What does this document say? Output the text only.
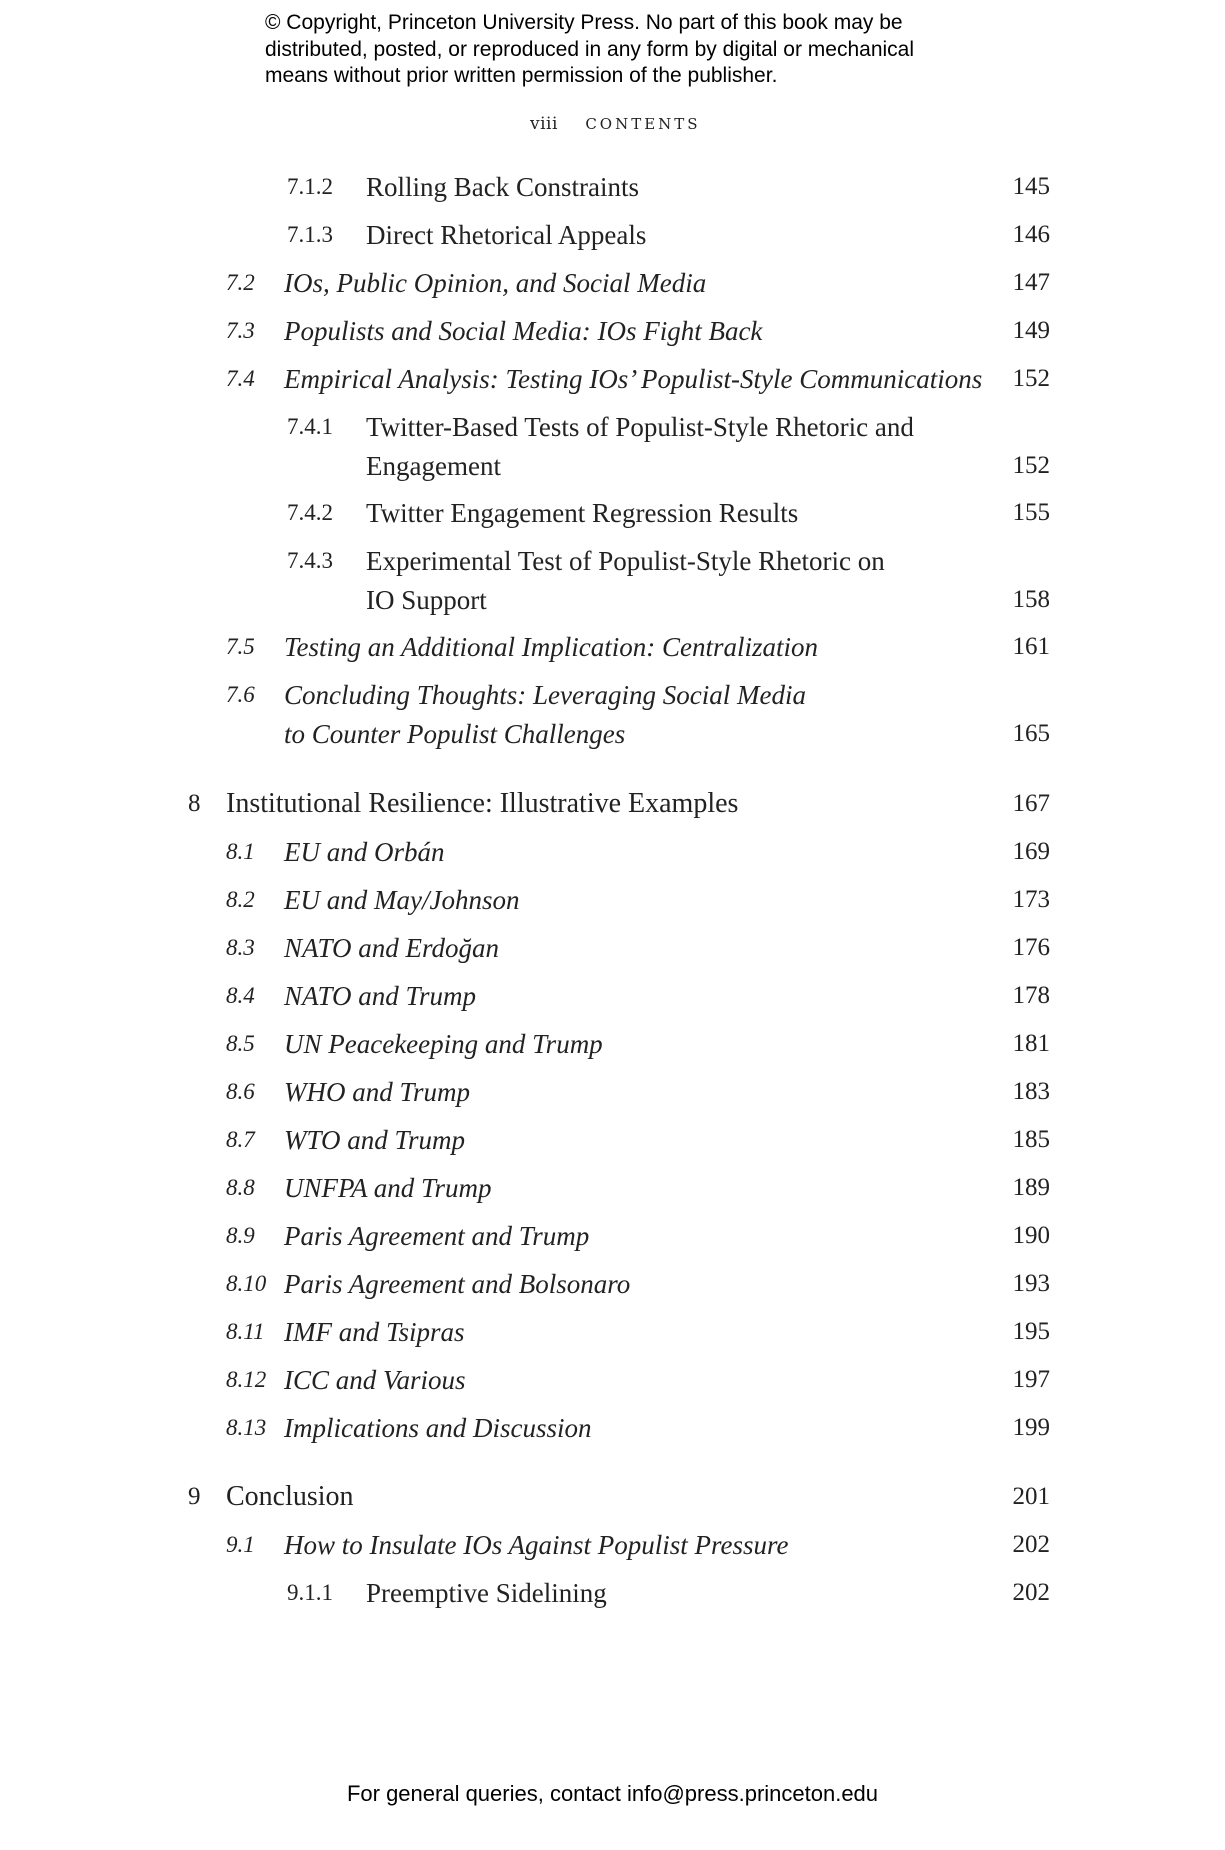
© Copyright, Princeton University Press. No part of this book may be
distributed, posted, or reproduced in any form by digital or mechanical
means without prior written permission of the publisher.
viii CONTENTS
7.1.2 Rolling Back Constraints	145
7.1.3 Direct Rhetorical Appeals	146
7.2 IOs, Public Opinion, and Social Media	147
7.3 Populists and Social Media: IOs Fight Back	149
7.4 Empirical Analysis: Testing IOs’ Populist-Style Communications 152
7.4.1 Twitter-Based Tests of Populist-Style Rhetoric and
Engagement	152
7.4.2 Twitter Engagement Regression Results	155
7.4.3 Experimental Test of Populist-Style Rhetoric on
IO Support	158
7.5 Testing an Additional Implication: Centralization	161
7.6 Concluding Thoughts: Leveraging Social Media
to Counter Populist Challenges	165
8 Institutional Resilience: Illustrative Examples	167
8.1 EU and Orbán	169
8.2 EU and May/Johnson	173
8.3 NATO and Erdoğan	176
8.4 NATO and Trump	178
8.5 UN Peacekeeping and Trump	181
8.6 WHO and Trump	183
8.7 WTO and Trump	185
8.8 UNFPA and Trump	189
8.9 Paris Agreement and Trump	190
8.10 Paris Agreement and Bolsonaro	193
8.11 IMF and Tsipras	195
8.12 ICC and Various	197
8.13 Implications and Discussion	199
9 Conclusion	201
9.1 How to Insulate IOs Against Populist Pressure	202
9.1.1 Preemptive Sidelining	202
For general queries, contact info@press.princeton.edu
